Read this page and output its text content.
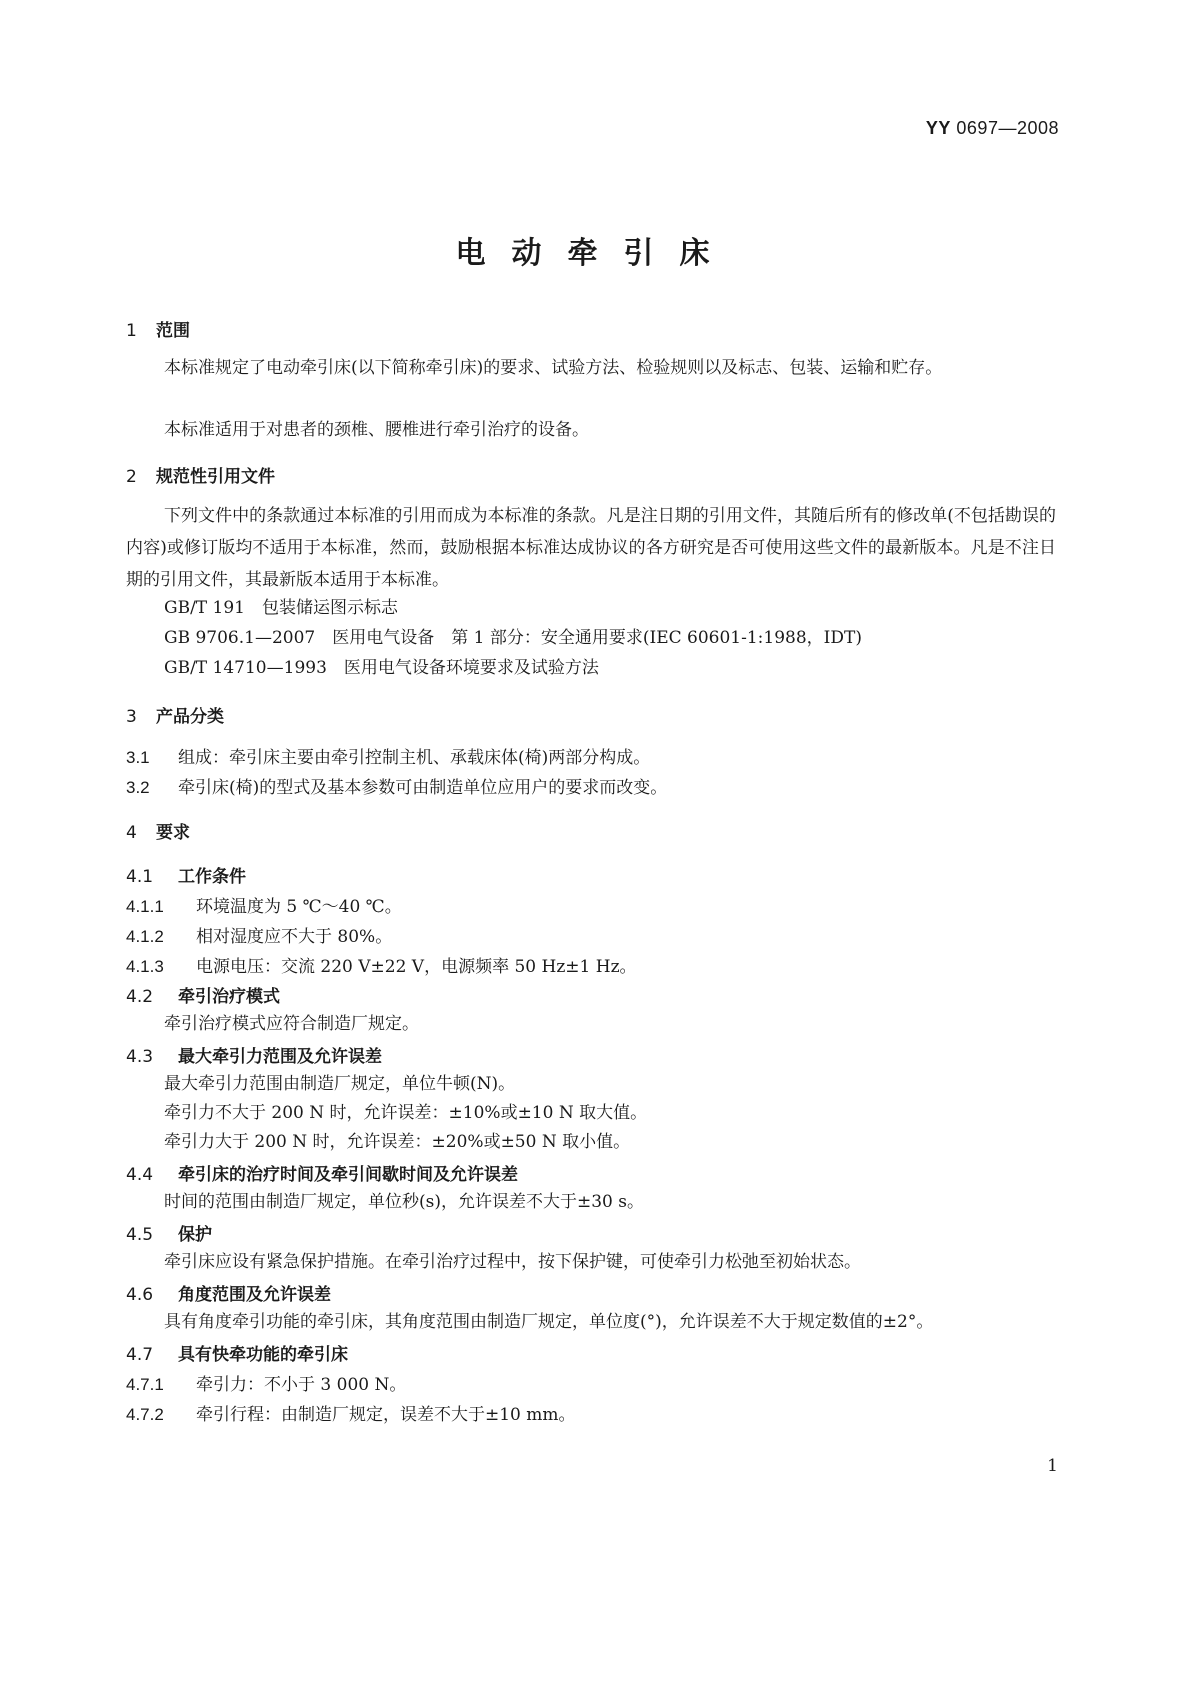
YY 0697—2008
电动牵引床
1 范围
本标准规定了电动牵引床(以下简称牵引床)的要求、试验方法、检验规则以及标志、包装、运输和贮存。
本标准适用于对患者的颈椎、腰椎进行牵引治疗的设备。
2 规范性引用文件
下列文件中的条款通过本标准的引用而成为本标准的条款。凡是注日期的引用文件，其随后所有的修改单(不包括勘误的内容)或修订版均不适用于本标准，然而，鼓励根据本标准达成协议的各方研究是否可使用这些文件的最新版本。凡是不注日期的引用文件，其最新版本适用于本标准。
GB/T 191　包装储运图示标志
GB 9706.1—2007　医用电气设备　第 1 部分：安全通用要求(IEC 60601-1:1988，IDT)
GB/T 14710—1993　医用电气设备环境要求及试验方法
3 产品分类
3.1 组成：牵引床主要由牵引控制主机、承载床体(椅)两部分构成。
3.2 牵引床(椅)的型式及基本参数可由制造单位应用户的要求而改变。
4 要求
4.1 工作条件
4.1.1 环境温度为 5 ℃～40 ℃。
4.1.2 相对湿度应不大于 80%。
4.1.3 电源电压：交流 220 V±22 V，电源频率 50 Hz±1 Hz。
4.2 牵引治疗模式
牵引治疗模式应符合制造厂规定。
4.3 最大牵引力范围及允许误差
最大牵引力范围由制造厂规定，单位牛顿(N)。
牵引力不大于 200 N 时，允许误差：±10%或±10 N 取大值。
牵引力大于 200 N 时，允许误差：±20%或±50 N 取小值。
4.4 牵引床的治疗时间及牵引间歇时间及允许误差
时间的范围由制造厂规定，单位秒(s)，允许误差不大于±30 s。
4.5 保护
牵引床应设有紧急保护措施。在牵引治疗过程中，按下保护键，可使牵引力松弛至初始状态。
4.6 角度范围及允许误差
具有角度牵引功能的牵引床，其角度范围由制造厂规定，单位度(°)，允许误差不大于规定数值的±2°。
4.7 具有快牵功能的牵引床
4.7.1 牵引力：不小于 3 000 N。
4.7.2 牵引行程：由制造厂规定，误差不大于±10 mm。
1
